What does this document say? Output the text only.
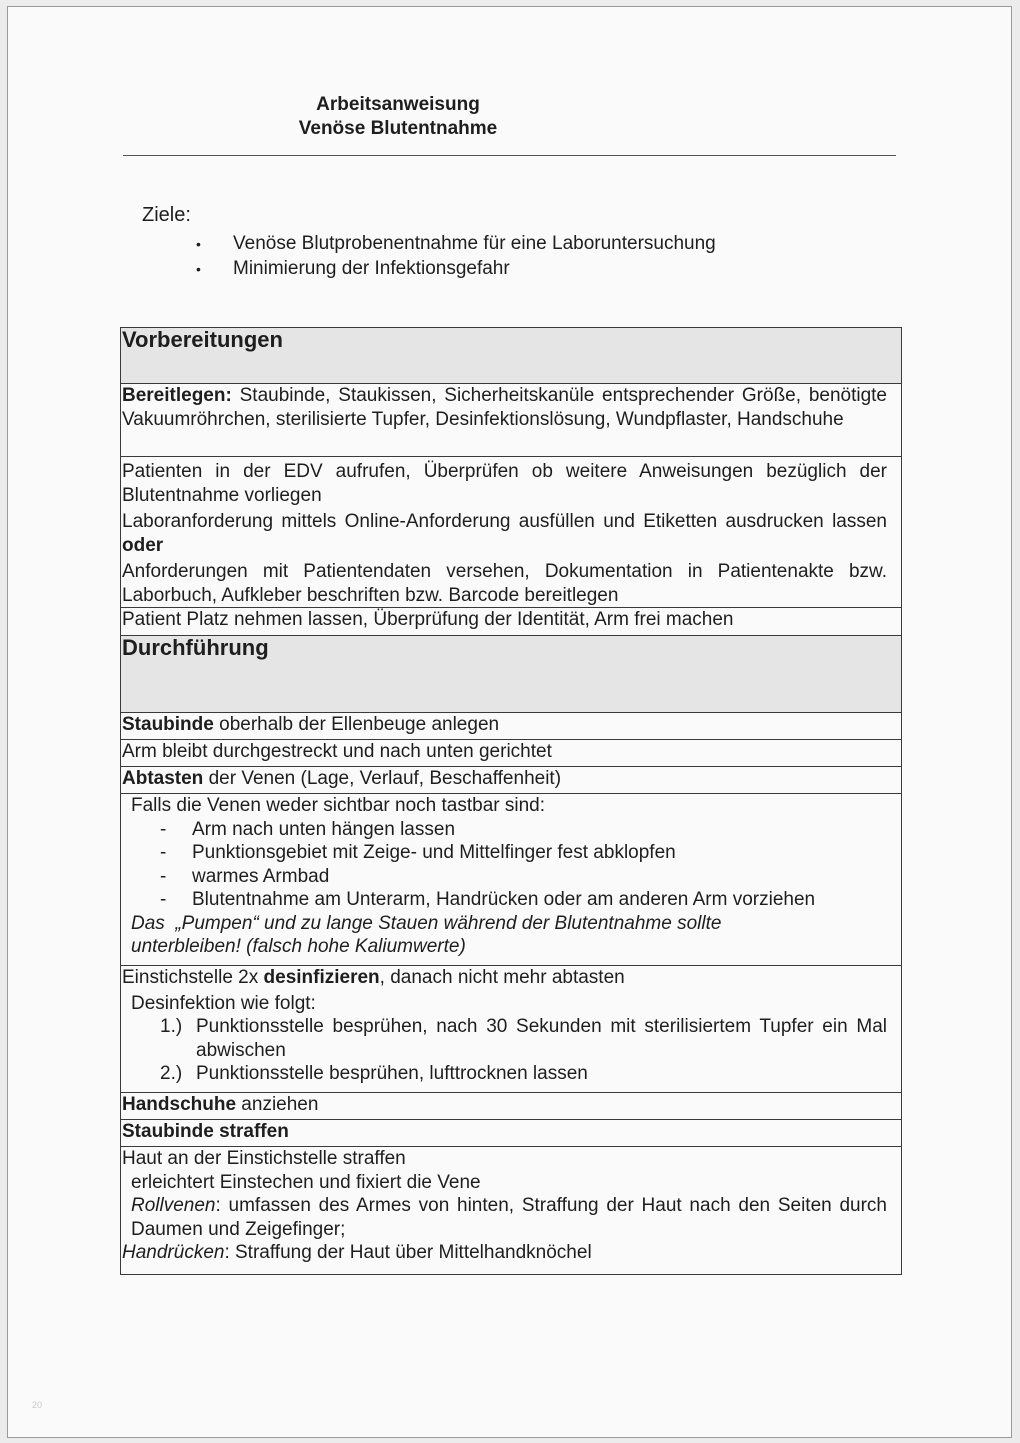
Arbeitsanweisung
Venöse Blutentnahme
Ziele:
•	Venöse Blutprobenentnahme für eine Laboruntersuchung
•	Minimierung der Infektionsgefahr
Vorbereitungen
Bereitlegen: Staubinde, Staukissen, Sicherheitskanüle entsprechender Größe, benötigte Vakuumröhrchen, sterilisierte Tupfer, Desinfektionslösung, Wundpflaster, Handschuhe

Patienten in der EDV aufrufen, Überprüfen ob weitere Anweisungen bezüglich der Blutentnahme vorliegen

Laboranforderung mittels Online-Anforderung ausfüllen und Etiketten ausdrucken lassen oder

Anforderungen mit Patientendaten versehen, Dokumentation in Patientenakte bzw. Laborbuch, Aufkleber beschriften bzw. Barcode bereitlegen

Patient Platz nehmen lassen, Überprüfung der Identität, Arm frei machen
Durchführung
Staubinde oberhalb der Ellenbeuge anlegen
Arm bleibt durchgestreckt und nach unten gerichtet
Abtasten der Venen (Lage, Verlauf, Beschaffenheit)

Falls die Venen weder sichtbar noch tastbar sind:
-	Arm nach unten hängen lassen
-	Punktionsgebiet mit Zeige- und Mittelfinger fest abklopfen
-	warmes Armbad
-	Blutentnahme am Unterarm, Handrücken oder am anderen Arm vorziehen
Das  „Pumpen“ und zu lange Stauen während der Blutentnahme sollte unterbleiben! (falsch hohe Kaliumwerte)

Einstichstelle 2x desinfizieren, danach nicht mehr abtasten
Desinfektion wie folgt:
1.) Punktionsstelle besprühen, nach 30 Sekunden mit sterilisiertem Tupfer ein Mal abwischen
2.) Punktionsstelle besprühen, lufttrocknen lassen

Handschuhe anziehen
Staubinde straffen

Haut an der Einstichstelle straffen
erleichtert Einstechen und fixiert die Vene
Rollvenen: umfassen des Armes von hinten, Straffung der Haut nach den Seiten durch Daumen und Zeigefinger;
Handrücken: Straffung der Haut über Mittelhandknöchel
20
